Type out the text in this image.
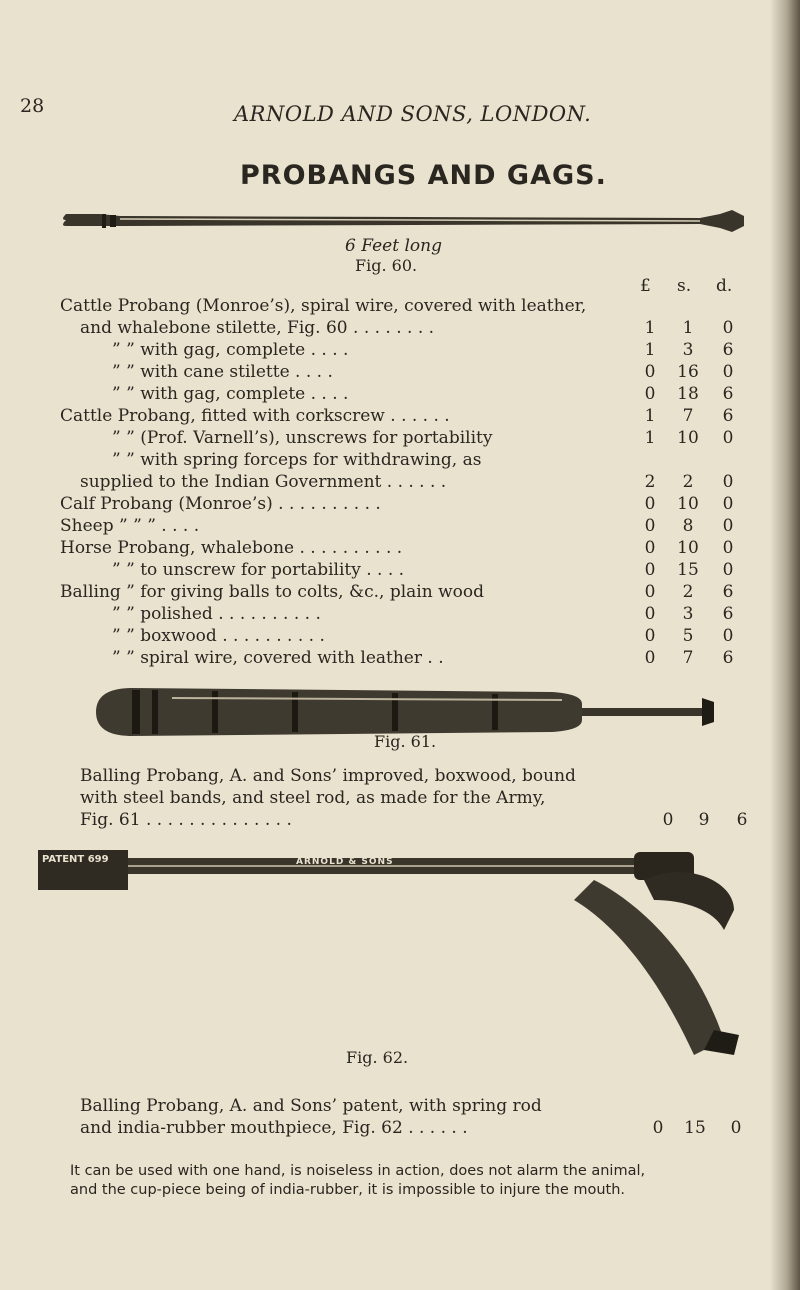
28	ARNOLD AND SONS, LONDON.
PROBANGS AND GAGS.
6 Feet long
Fig. 60.
£ s. d.
Cattle Probang (Monroe’s), spiral wire, covered with leather,
and whalebone stilette, Fig. 60 . . . . . . . .	1	1	0
” ” with gag, complete . . . .	1	3	6
” ” with cane stilette . . . .	0	16	0
” ” with gag, complete . . . .	0	18	6
Cattle Probang, fitted with corkscrew . . . . . .	1	7	6
” ” (Prof. Varnell’s), unscrews for portability	1	10	0
” ” with spring forceps for withdrawing, as
supplied to the Indian Government . . . . . .	2	2	0
Calf Probang (Monroe’s) . . . . . . . . . .	0	10	0
Sheep ” ” ” . . . .	0	8	0
Horse Probang, whalebone . . . . . . . . . .	0	10	0
” ” to unscrew for portability . . . .	0	15	0
Balling ” for giving balls to colts, &c., plain wood	0	2	6
” ” polished . . . . . . . . . .	0	3	6
” ” boxwood . . . . . . . . . .	0	5	0
” ” spiral wire, covered with leather . .	0	7	6
Fig. 61.
Balling Probang, A. and Sons’ improved, boxwood, bound
with steel bands, and steel rod, as made for the Army,
Fig. 61 . . . . . . . . . . . . . .	0	9	6
PATENT 699	ARNOLD & SONS
Fig. 62.
Balling Probang, A. and Sons’ patent, with spring rod
and india-rubber mouthpiece, Fig. 62 . . . . . .	0	15	0
It can be used with one hand, is noiseless in action, does not alarm the animal, and the cup-piece being of india-rubber, it is impossible to injure the mouth.
